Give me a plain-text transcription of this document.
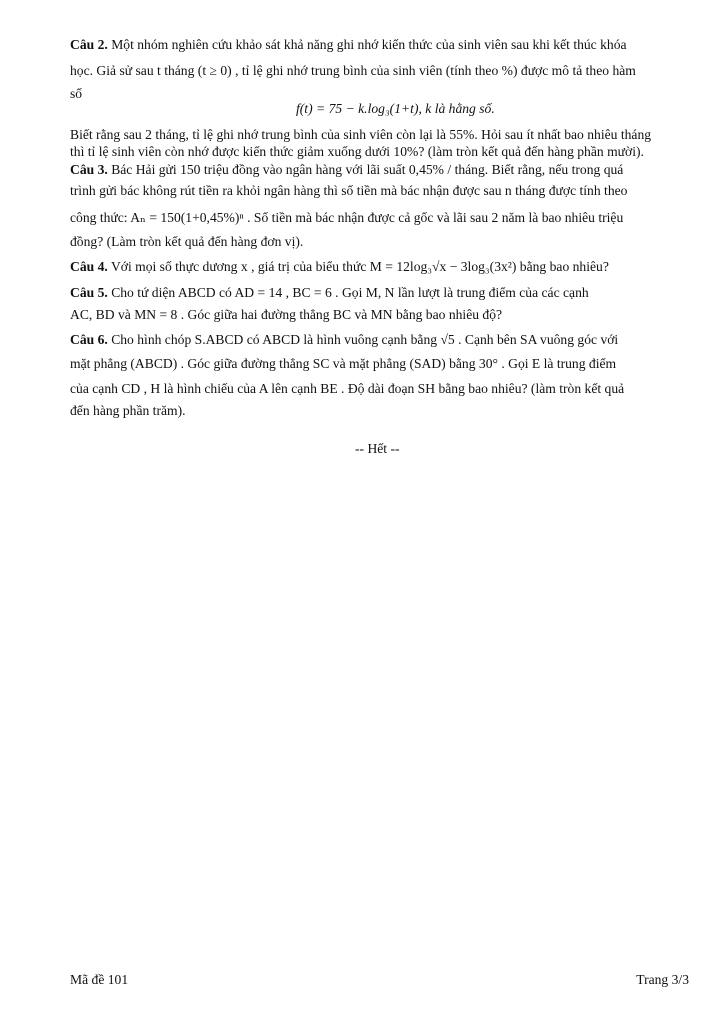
Câu 2. Một nhóm nghiên cứu khảo sát khả năng ghi nhớ kiến thức của sinh viên sau khi kết thúc khóa
học. Giả sử sau t tháng (t ≥ 0) , tỉ lệ ghi nhớ trung bình của sinh viên (tính theo %) được mô tả theo hàm
số
f(t) = 75 − k.log₃(1+t), k là hằng số.
Biết rằng sau 2 tháng, tỉ lệ ghi nhớ trung bình của sinh viên còn lại là 55%. Hỏi sau ít nhất bao nhiêu tháng
thì tỉ lệ sinh viên còn nhớ được kiến thức giảm xuống dưới 10%? (làm tròn kết quả đến hàng phần mười).
Câu 3. Bác Hải gửi 150 triệu đồng vào ngân hàng với lãi suất 0,45% / tháng. Biết rằng, nếu trong quá
trình gửi bác không rút tiền ra khỏi ngân hàng thì số tiền mà bác nhận được sau n tháng được tính theo
công thức: Aₙ = 150(1+0,45%)ⁿ . Số tiền mà bác nhận được cả gốc và lãi sau 2 năm là bao nhiêu triệu
đồng? (Làm tròn kết quả đến hàng đơn vị).
Câu 4. Với mọi số thực dương x , giá trị của biểu thức M = 12log₃√x − 3log₃(3x²) bằng bao nhiêu?
Câu 5. Cho tứ diện ABCD có AD = 14 , BC = 6 . Gọi M, N lần lượt là trung điểm của các cạnh
AC, BD và MN = 8 . Góc giữa hai đường thẳng BC và MN bằng bao nhiêu độ?
Câu 6. Cho hình chóp S.ABCD có ABCD là hình vuông cạnh bằng √5 . Cạnh bên SA vuông góc với
mặt phẳng (ABCD) . Góc giữa đường thẳng SC và mặt phẳng (SAD) bằng 30° . Gọi E là trung điểm
của cạnh CD , H là hình chiếu của A lên cạnh BE . Độ dài đoạn SH bằng bao nhiêu? (làm tròn kết quả
đến hàng phần trăm).
-- Hết --
Mã đề 101	Trang 3/3
